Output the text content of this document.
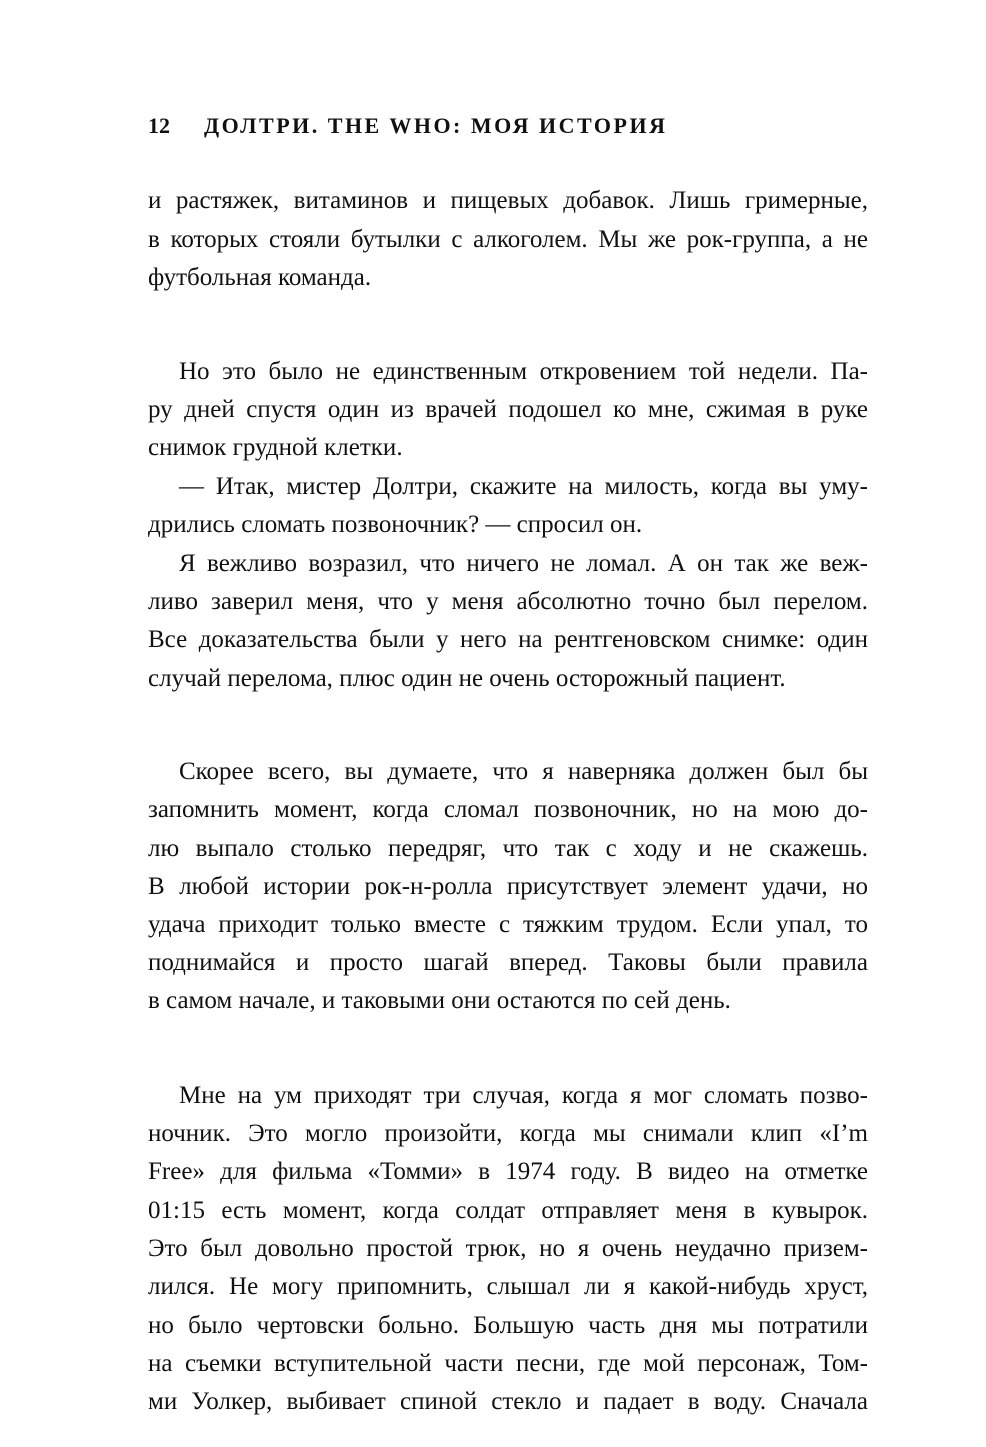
12 ДОЛТРИ. THE WHO: МОЯ ИСТОРИЯ
и растяжек, витаминов и пищевых добавок. Лишь гримерные,
в которых стояли бутылки с алкоголем. Мы же рок-группа, а не
футбольная команда.
Но это было не единственным откровением той недели. Па-
ру дней спустя один из врачей подошел ко мне, сжимая в руке
снимок грудной клетки.
— Итак, мистер Долтри, скажите на милость, когда вы уму-
дрились сломать позвоночник? — спросил он.
Я вежливо возразил, что ничего не ломал. А он так же веж-
ливо заверил меня, что у меня абсолютно точно был перелом.
Все доказательства были у него на рентгеновском снимке: один
случай перелома, плюс один не очень осторожный пациент.
Скорее всего, вы думаете, что я наверняка должен был бы
запомнить момент, когда сломал позвоночник, но на мою до-
лю выпало столько передряг, что так с ходу и не скажешь.
В любой истории рок-н-ролла присутствует элемент удачи, но
удача приходит только вместе с тяжким трудом. Если упал, то
поднимайся и просто шагай вперед. Таковы были правила
в самом начале, и таковыми они остаются по сей день.
Мне на ум приходят три случая, когда я мог сломать позво-
ночник. Это могло произойти, когда мы снимали клип «I’m
Free» для фильма «Томми» в 1974 году. В видео на отметке
01:15 есть момент, когда солдат отправляет меня в кувырок.
Это был довольно простой трюк, но я очень неудачно призем-
лился. Не могу припомнить, слышал ли я какой-нибудь хруст,
но было чертовски больно. Большую часть дня мы потратили
на съемки вступительной части песни, где мой персонаж, Том-
ми Уолкер, выбивает спиной стекло и падает в воду. Сначала
